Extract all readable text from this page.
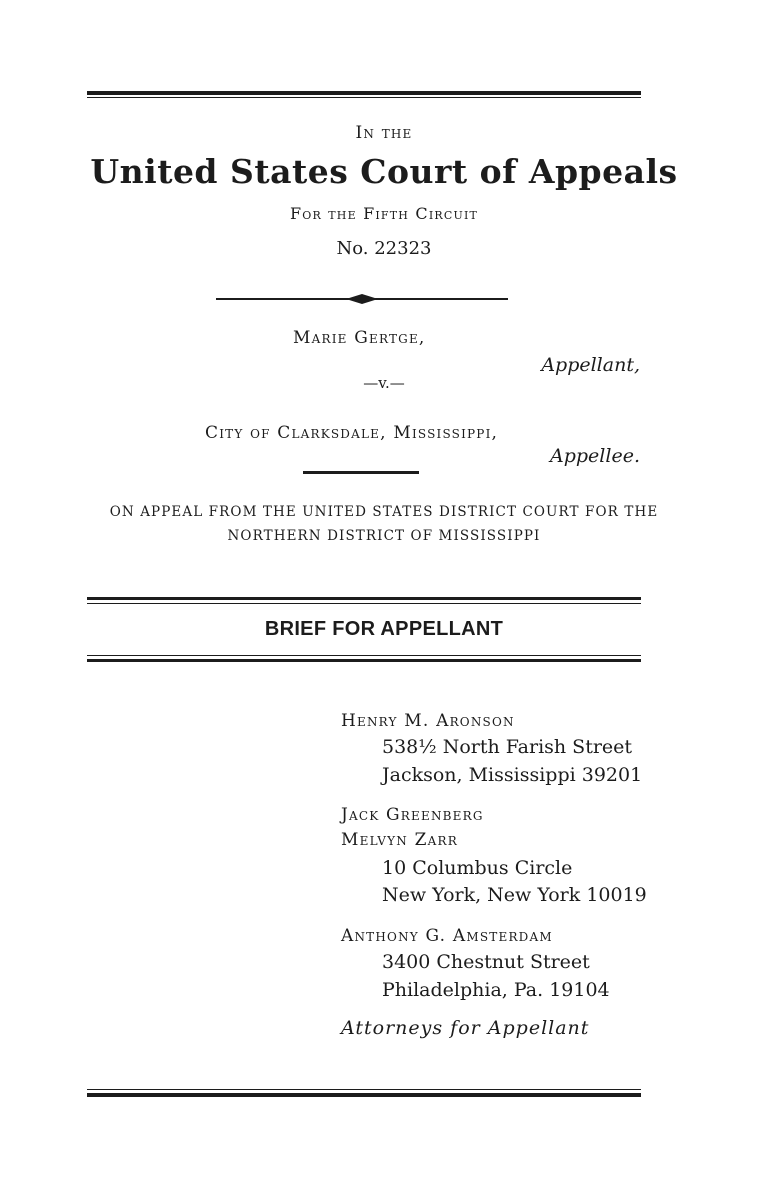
In the
United States Court of Appeals
For the Fifth Circuit
No. 22323
Marie Gertge,
Appellant,
—v.—
City of Clarksdale, Mississippi,
Appellee.
ON APPEAL FROM THE UNITED STATES DISTRICT COURT FOR THE
NORTHERN DISTRICT OF MISSISSIPPI
BRIEF FOR APPELLANT
Henry M. Aronson
538½ North Farish Street
Jackson, Mississippi 39201
Jack Greenberg
Melvyn Zarr
10 Columbus Circle
New York, New York 10019
Anthony G. Amsterdam
3400 Chestnut Street
Philadelphia, Pa. 19104
Attorneys for Appellant
